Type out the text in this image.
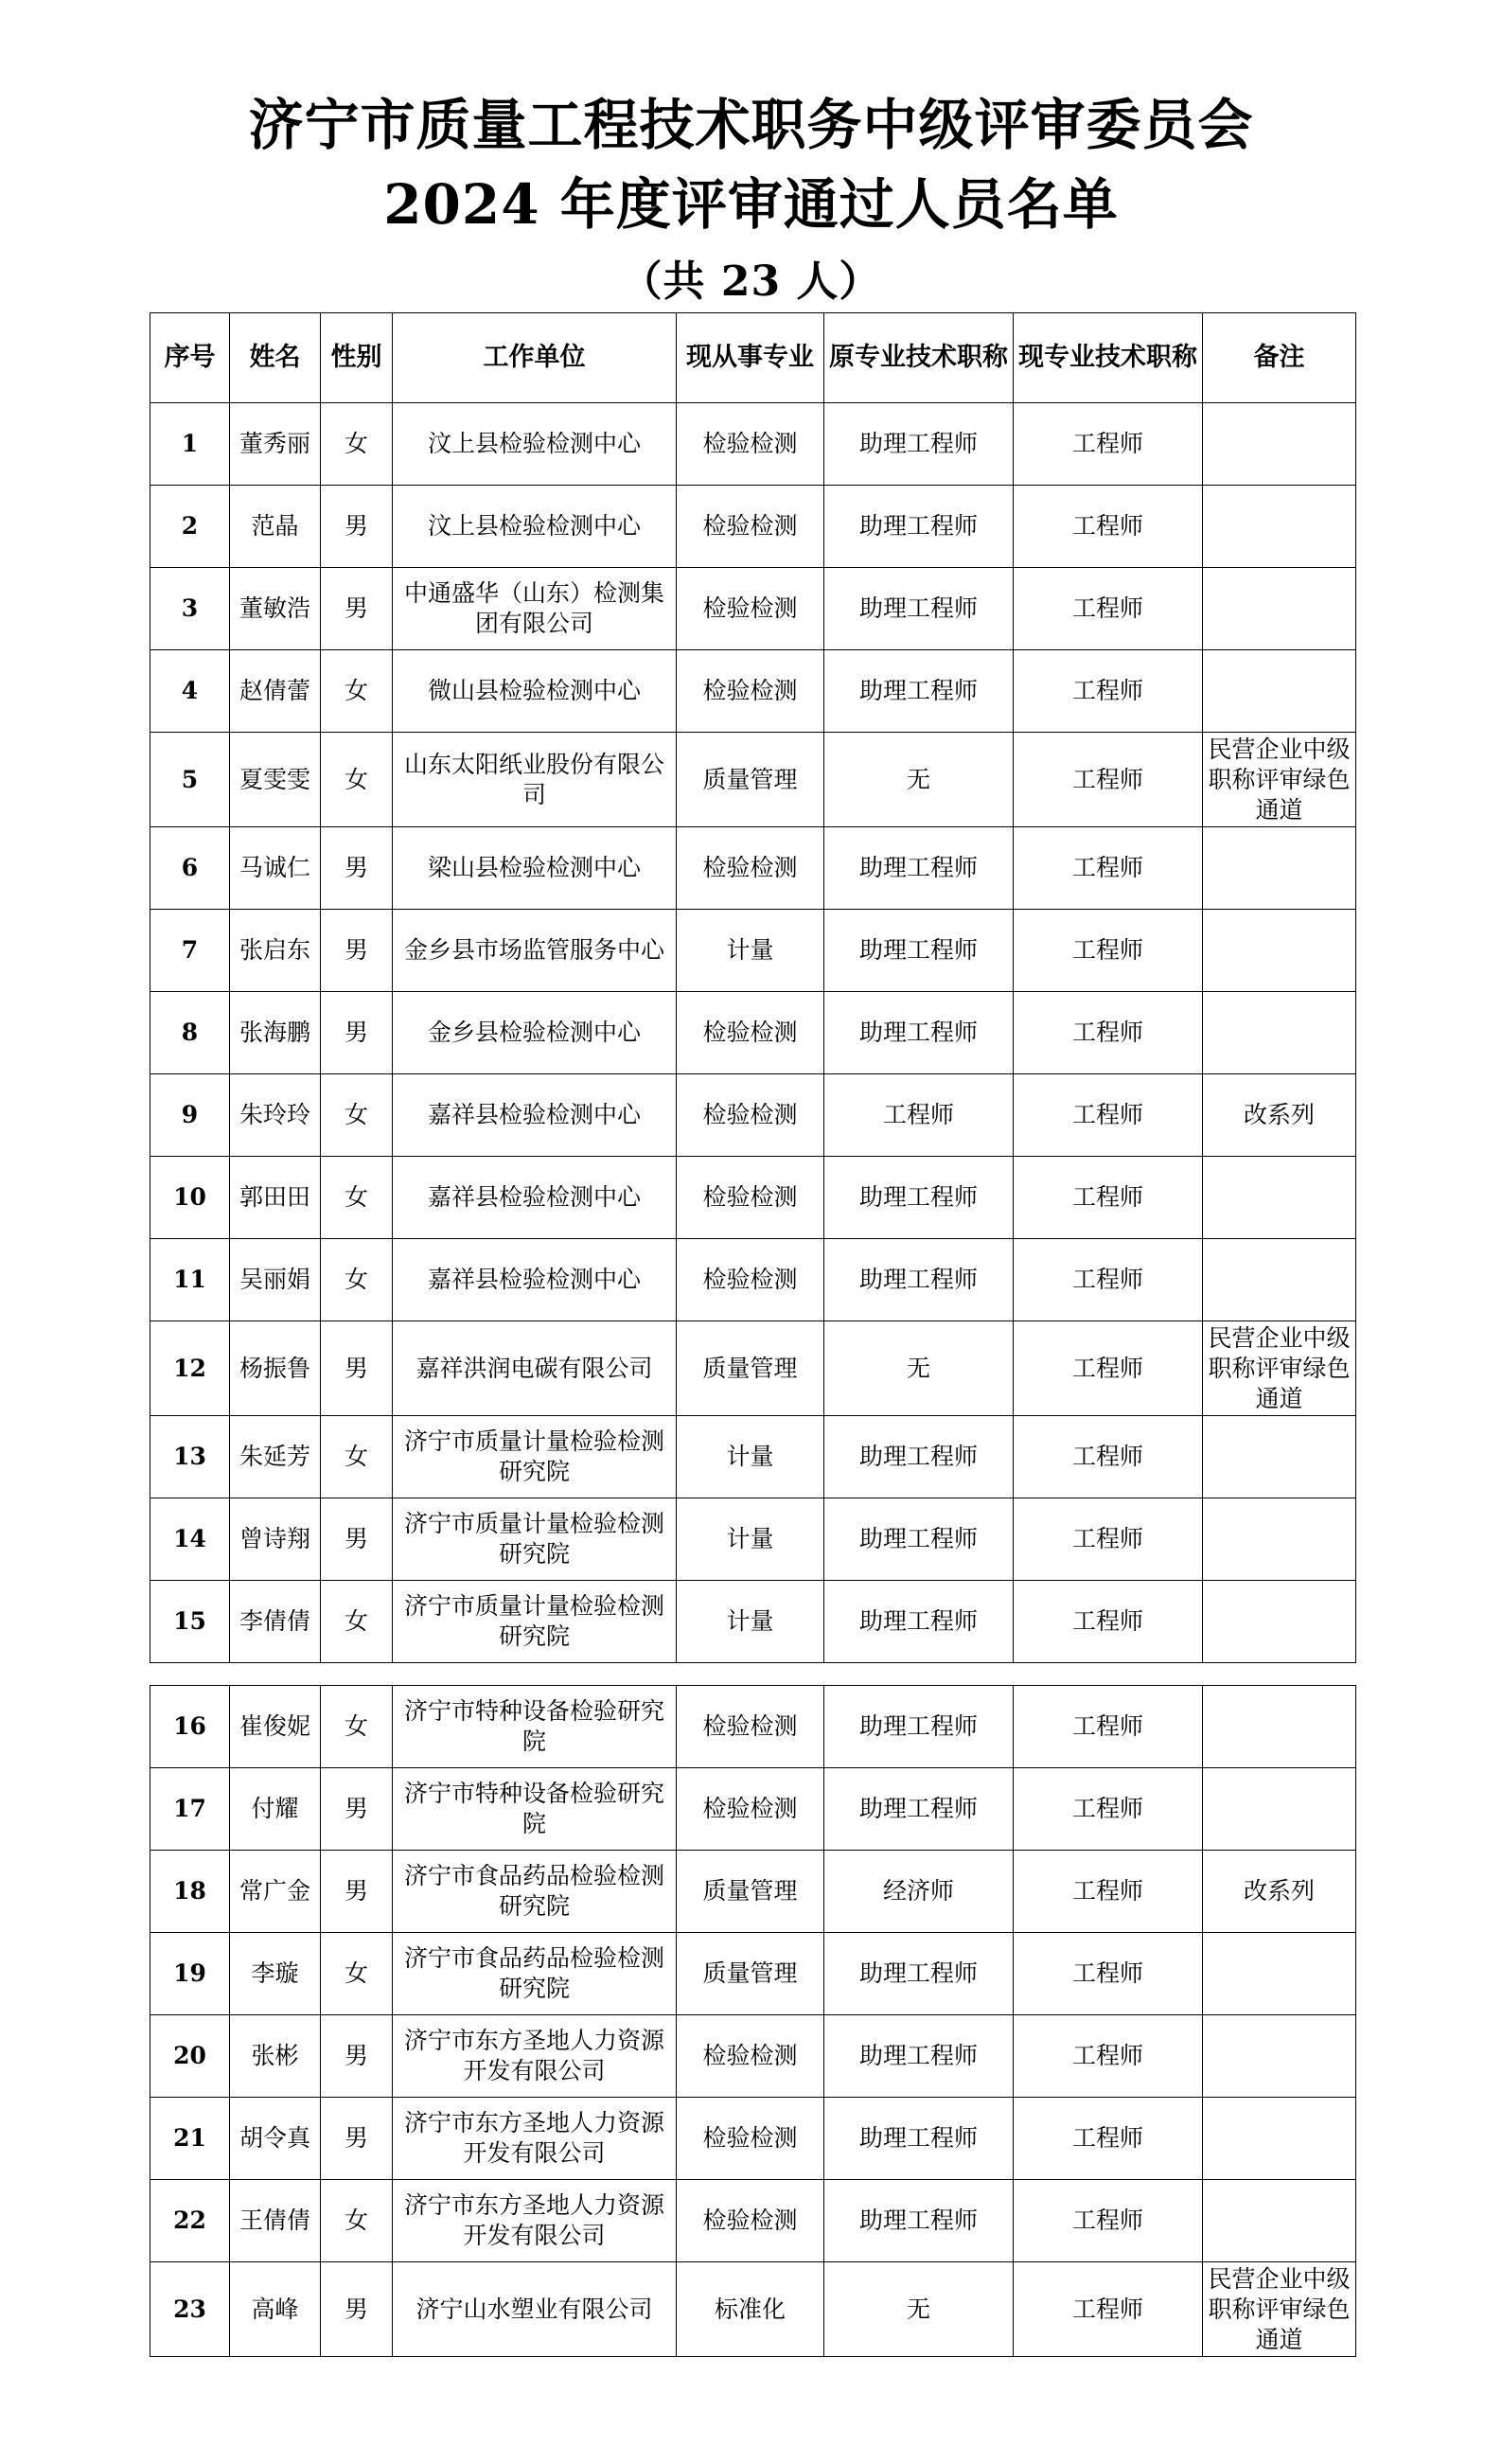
济宁市质量工程技术职务中级评审委员会
2024 年度评审通过人员名单
（共 23 人）
序号	姓名	性别	工作单位	现从事专业	原专业技术职称	现专业技术职称	备注
1	董秀丽	女	汶上县检验检测中心	检验检测	助理工程师	工程师	
2	范晶	男	汶上县检验检测中心	检验检测	助理工程师	工程师	
3	董敏浩	男	中通盛华（山东）检测集团有限公司	检验检测	助理工程师	工程师	
4	赵倩蕾	女	微山县检验检测中心	检验检测	助理工程师	工程师	
5	夏雯雯	女	山东太阳纸业股份有限公司	质量管理	无	工程师	民营企业中级职称评审绿色通道
6	马诚仁	男	梁山县检验检测中心	检验检测	助理工程师	工程师	
7	张启东	男	金乡县市场监管服务中心	计量	助理工程师	工程师	
8	张海鹏	男	金乡县检验检测中心	检验检测	助理工程师	工程师	
9	朱玲玲	女	嘉祥县检验检测中心	检验检测	工程师	工程师	改系列
10	郭田田	女	嘉祥县检验检测中心	检验检测	助理工程师	工程师	
11	吴丽娟	女	嘉祥县检验检测中心	检验检测	助理工程师	工程师	
12	杨振鲁	男	嘉祥洪润电碳有限公司	质量管理	无	工程师	民营企业中级职称评审绿色通道
13	朱延芳	女	济宁市质量计量检验检测研究院	计量	助理工程师	工程师	
14	曾诗翔	男	济宁市质量计量检验检测研究院	计量	助理工程师	工程师	
15	李倩倩	女	济宁市质量计量检验检测研究院	计量	助理工程师	工程师	
16	崔俊妮	女	济宁市特种设备检验研究院	检验检测	助理工程师	工程师	
17	付耀	男	济宁市特种设备检验研究院	检验检测	助理工程师	工程师	
18	常广金	男	济宁市食品药品检验检测研究院	质量管理	经济师	工程师	改系列
19	李璇	女	济宁市食品药品检验检测研究院	质量管理	助理工程师	工程师	
20	张彬	男	济宁市东方圣地人力资源开发有限公司	检验检测	助理工程师	工程师	
21	胡令真	男	济宁市东方圣地人力资源开发有限公司	检验检测	助理工程师	工程师	
22	王倩倩	女	济宁市东方圣地人力资源开发有限公司	检验检测	助理工程师	工程师	
23	高峰	男	济宁山水塑业有限公司	标准化	无	工程师	民营企业中级职称评审绿色通道
